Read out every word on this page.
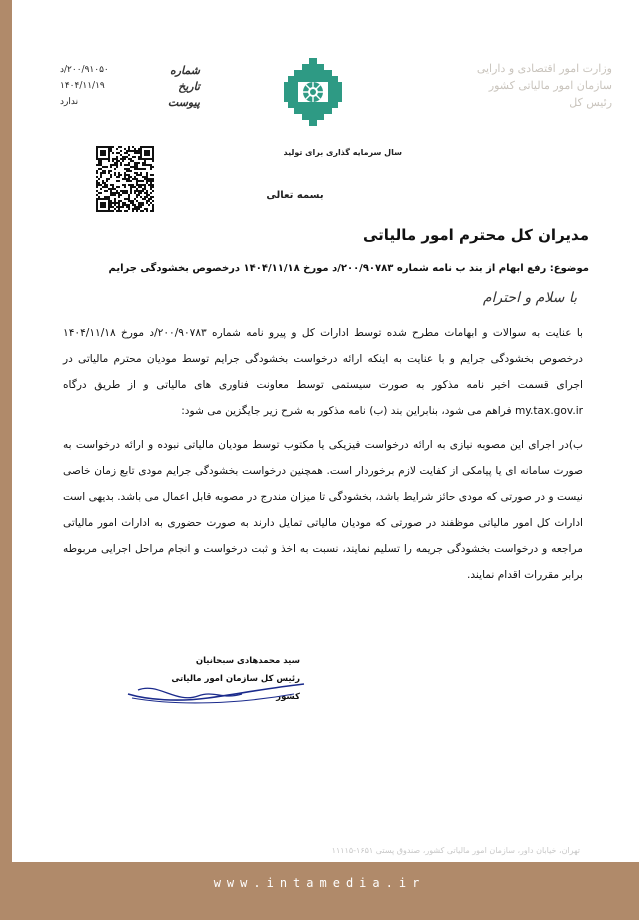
وزارت امور اقتصادی و دارایی
سازمان امور مالیاتی کشور
رئیس کل
سال سرمایه گذاری برای تولید
شماره
۲۰۰/۹۱۰۵۰/د
تاریخ
۱۴۰۴/۱۱/۱۹
پیوست
ندارد
بسمه تعالی
مدیران کل محترم امور مالیاتی
موضوع: رفع ابهام از بند ب نامه شماره ۲۰۰/۹۰۷۸۳/د مورخ ۱۴۰۴/۱۱/۱۸ درخصوص بخشودگی جرایم
با سلام و احترام

با عنایت به سوالات و ابهامات مطرح شده توسط ادارات کل و پیرو نامه شماره ۲۰۰/۹۰۷۸۳/د مورخ ۱۴۰۴/۱۱/۱۸ درخصوص بخشودگی جرایم و با عنایت به اینکه ارائه درخواست بخشودگی جرایم توسط مودیان محترم مالیاتی در اجرای قسمت اخیر نامه مذکور به صورت سیستمی توسط معاونت فناوری های مالیاتی و از طریق درگاه my.tax.gov.ir فراهم می شود، بنابراین بند (ب) نامه مذکور به شرح زیر جایگزین می شود:

ب)در اجرای این مصوبه نیازی به ارائه درخواست فیزیکی یا مکتوب توسط مودیان مالیاتی نبوده و ارائه درخواست به صورت سامانه ای یا پیامکی از کفایت لازم برخوردار است. همچنین درخواست بخشودگی جرایم مودی تابع زمان خاصی نیست و در صورتی که مودی حائز شرایط باشد، بخشودگی تا میزان مندرج در مصوبه قابل اعمال می باشد. بدیهی است ادارات کل امور مالیاتی موظفند در صورتی که مودیان مالیاتی تمایل دارند به صورت حضوری به ادارات امور مالیاتی مراجعه و درخواست بخشودگی جریمه را تسلیم نمایند، نسبت به اخذ و ثبت درخواست و انجام مراحل اجرایی مربوطه برابر مقررات اقدام نمایند.

سید محمدهادی سبحانیان
رئیس کل سازمان امور مالیاتی کشور
تهران، خیابان داور، سازمان امور مالیاتی کشور، صندوق پستی ۱۶۵۱-۱۱۱۱۵
www.intamedia.ir
